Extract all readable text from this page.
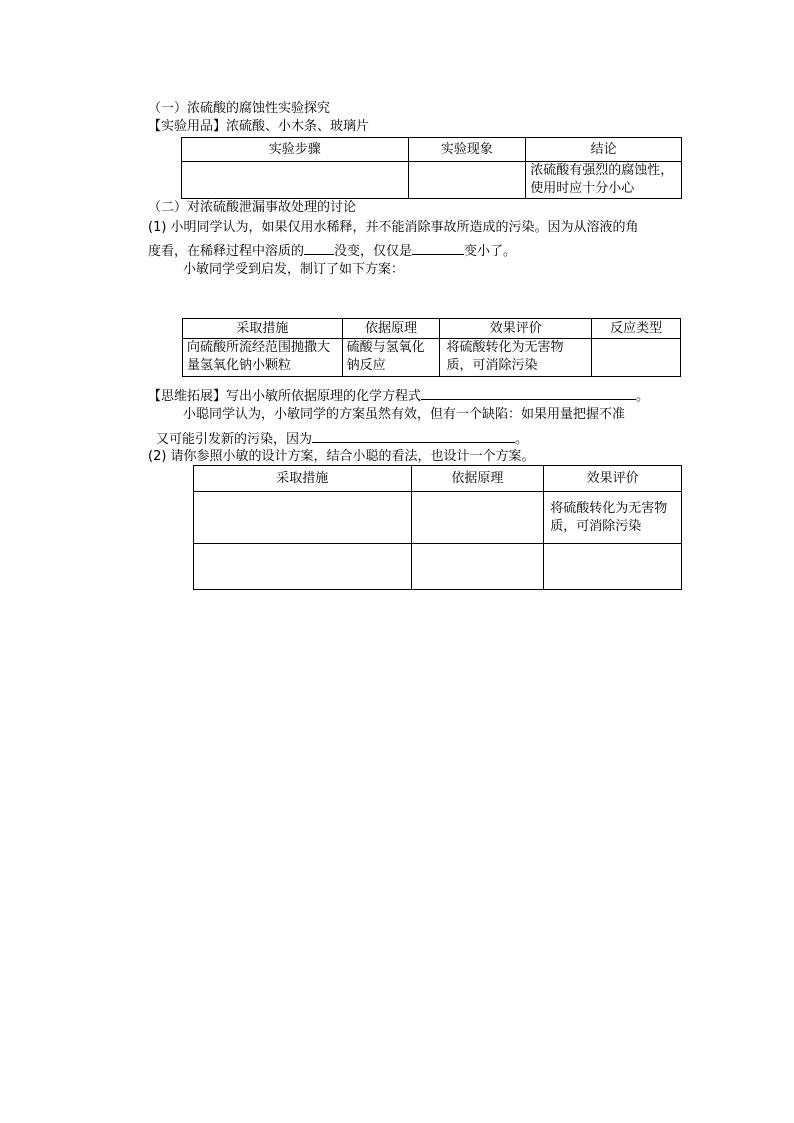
（一）浓硫酸的腐蚀性实验探究
【实验用品】浓硫酸、小木条、玻璃片
实验步骤	实验现象	结论
		浓硫酸有强烈的腐蚀性，使用时应十分小心
（二）对浓硫酸泄漏事故处理的讨论
(1) 小明同学认为，如果仅用水稀释，并不能消除事故所造成的污染。因为从溶液的角
度看，在稀释过程中溶质的 没变，仅仅是	变小了。
小敏同学受到启发，制订了如下方案：
采取措施	依据原理	效果评价	反应类型
向硫酸所流经范围抛撒大量氢氧化钠小颗粒	硫酸与氢氧化钠反应	将硫酸转化为无害物质，可消除污染	
【思维拓展】写出小敏所依据原理的化学方程式	。
小聪同学认为，小敏同学的方案虽然有效，但有一个缺陷：如果用量把握不准
又可能引发新的污染，因为	。
(2) 请你参照小敏的设计方案，结合小聪的看法，也设计一个方案。
采取措施	依据原理	效果评价
		将硫酸转化为无害物质，可消除污染
